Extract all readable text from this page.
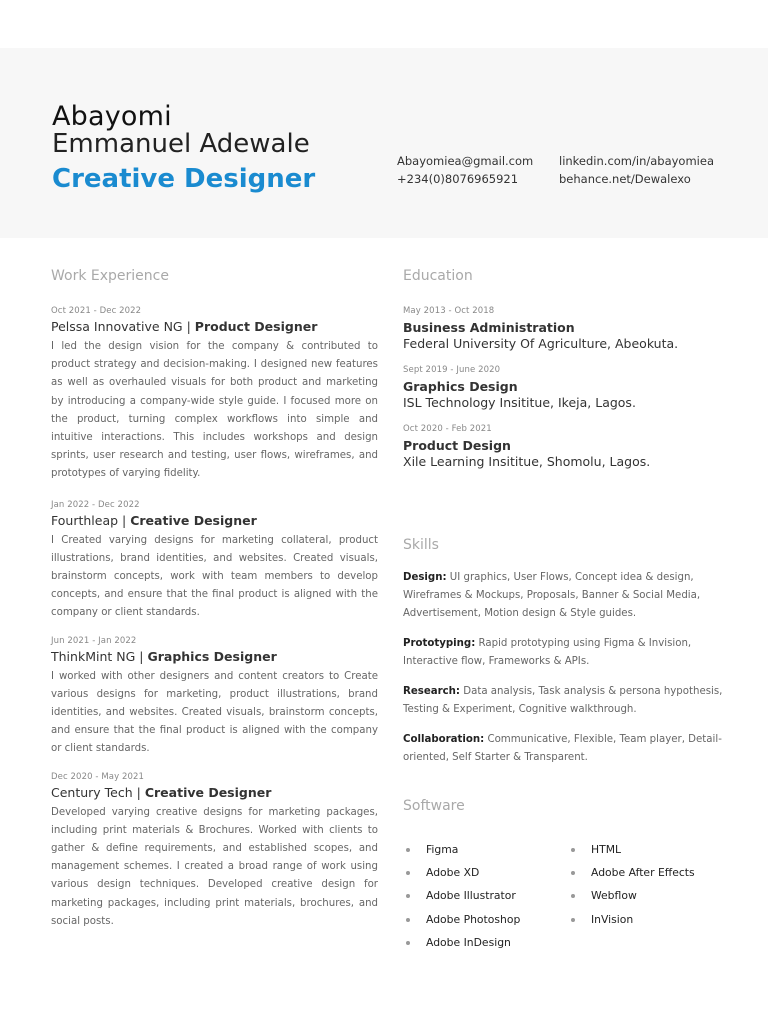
Abayomi
Emmanuel Adewale
Creative Designer
Abayomiea@gmail.com
+234(0)8076965921
linkedin.com/in/abayomiea
behance.net/Dewalexo
Work Experience
Oct 2021 - Dec 2022
Pelssa Innovative NG | Product Designer
I led the design vision for the company & contributed to product strategy and decision-making. I designed new features as well as overhauled visuals for both product and marketing by introducing a company-wide style guide. I focused more on the product, turning complex workflows into simple and intuitive interactions. This includes workshops and design sprints, user research and testing, user flows, wireframes, and prototypes of varying fidelity.
Jan 2022 - Dec 2022
Fourthleap | Creative Designer
I Created varying designs for marketing collateral, product illustrations, brand identities, and websites. Created visuals, brainstorm concepts, work with team members to develop concepts, and ensure that the final product is aligned with the company or client standards.
Jun 2021 - Jan 2022
ThinkMint NG | Graphics Designer
I worked with other designers and content creators to Create various designs for marketing, product illustrations, brand identities, and websites. Created visuals, brainstorm concepts, and ensure that the final product is aligned with the company or client standards.
Dec 2020 - May 2021
Century Tech | Creative Designer
Developed varying creative designs for marketing packages, including print materials & Brochures. Worked with clients to gather & define requirements, and established scopes, and management schemes. I created a broad range of work using various design techniques. Developed creative design for marketing packages, including print materials, brochures, and social posts.
Education
May 2013 - Oct 2018
Business Administration
Federal University Of Agriculture, Abeokuta.
Sept 2019 - June 2020
Graphics Design
ISL Technology Insititue, Ikeja, Lagos.
Oct 2020 - Feb 2021
Product Design
Xile Learning Insititue, Shomolu, Lagos.
Skills
Design: UI graphics, User Flows, Concept idea & design, Wireframes & Mockups, Proposals, Banner & Social Media, Advertisement, Motion design & Style guides.
Prototyping: Rapid prototyping using Figma & Invision, Interactive flow, Frameworks & APIs.
Research: Data analysis, Task analysis & persona hypothesis, Testing & Experiment, Cognitive walkthrough.
Collaboration: Communicative, Flexible, Team player, Detail-oriented, Self Starter & Transparent.
Software
Figma
Adobe XD
Adobe Illustrator
Adobe Photoshop
Adobe InDesign
HTML
Adobe After Effects
Webflow
InVision
